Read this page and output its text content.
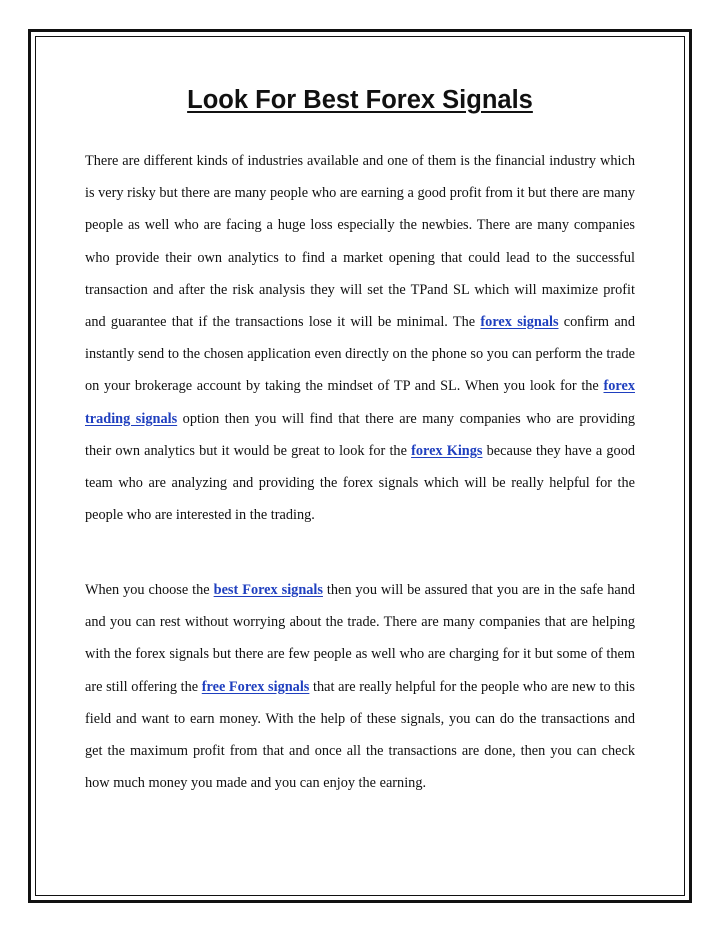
Look For Best Forex Signals

There are different kinds of industries available and one of them is the financial industry which is very risky but there are many people who are earning a good profit from it but there are many people as well who are facing a huge loss especially the newbies. There are many companies who provide their own analytics to find a market opening that could lead to the successful transaction and after the risk analysis they will set the TPand SL which will maximize profit and guarantee that if the transactions lose it will be minimal. The forex signals confirm and instantly send to the chosen application even directly on the phone so you can perform the trade on your brokerage account by taking the mindset of TP and SL. When you look for the forex trading signals option then you will find that there are many companies who are providing their own analytics but it would be great to look for the forex Kings because they have a good team who are analyzing and providing the forex signals which will be really helpful for the people who are interested in the trading.

When you choose the best Forex signals then you will be assured that you are in the safe hand and you can rest without worrying about the trade. There are many companies that are helping with the forex signals but there are few people as well who are charging for it but some of them are still offering the free Forex signals that are really helpful for the people who are new to this field and want to earn money. With the help of these signals, you can do the transactions and get the maximum profit from that and once all the transactions are done, then you can check how much money you made and you can enjoy the earning.
